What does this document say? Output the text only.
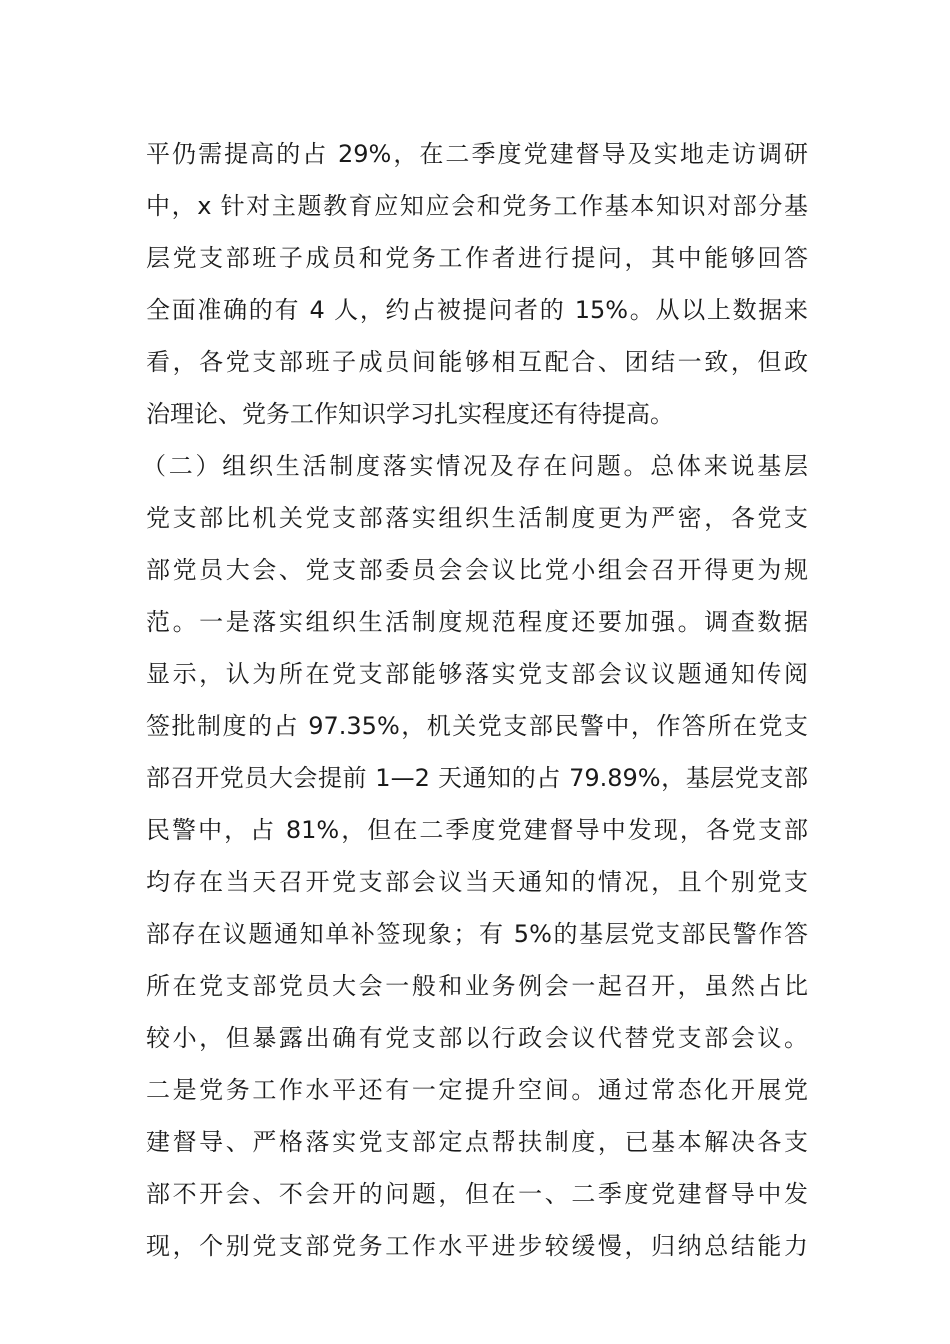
平仍需提高的占 29%，在二季度党建督导及实地走访调研
中，x 针对主题教育应知应会和党务工作基本知识对部分基
层党支部班子成员和党务工作者进行提问，其中能够回答
全面准确的有 4 人，约占被提问者的 15%。从以上数据来
看，各党支部班子成员间能够相互配合、团结一致，但政
治理论、党务工作知识学习扎实程度还有待提高。
（二）组织生活制度落实情况及存在问题。总体来说基层
党支部比机关党支部落实组织生活制度更为严密，各党支
部党员大会、党支部委员会会议比党小组会召开得更为规
范。一是落实组织生活制度规范程度还要加强。调查数据
显示，认为所在党支部能够落实党支部会议议题通知传阅
签批制度的占 97.35%，机关党支部民警中，作答所在党支
部召开党员大会提前 1—2 天通知的占 79.89%，基层党支部
民警中，占 81%，但在二季度党建督导中发现，各党支部
均存在当天召开党支部会议当天通知的情况，且个别党支
部存在议题通知单补签现象；有 5%的基层党支部民警作答
所在党支部党员大会一般和业务例会一起召开，虽然占比
较小，但暴露出确有党支部以行政会议代替党支部会议。
二是党务工作水平还有一定提升空间。通过常态化开展党
建督导、严格落实党支部定点帮扶制度，已基本解决各支
部不开会、不会开的问题，但在一、二季度党建督导中发
现，个别党支部党务工作水平进步较缓慢，归纳总结能力
